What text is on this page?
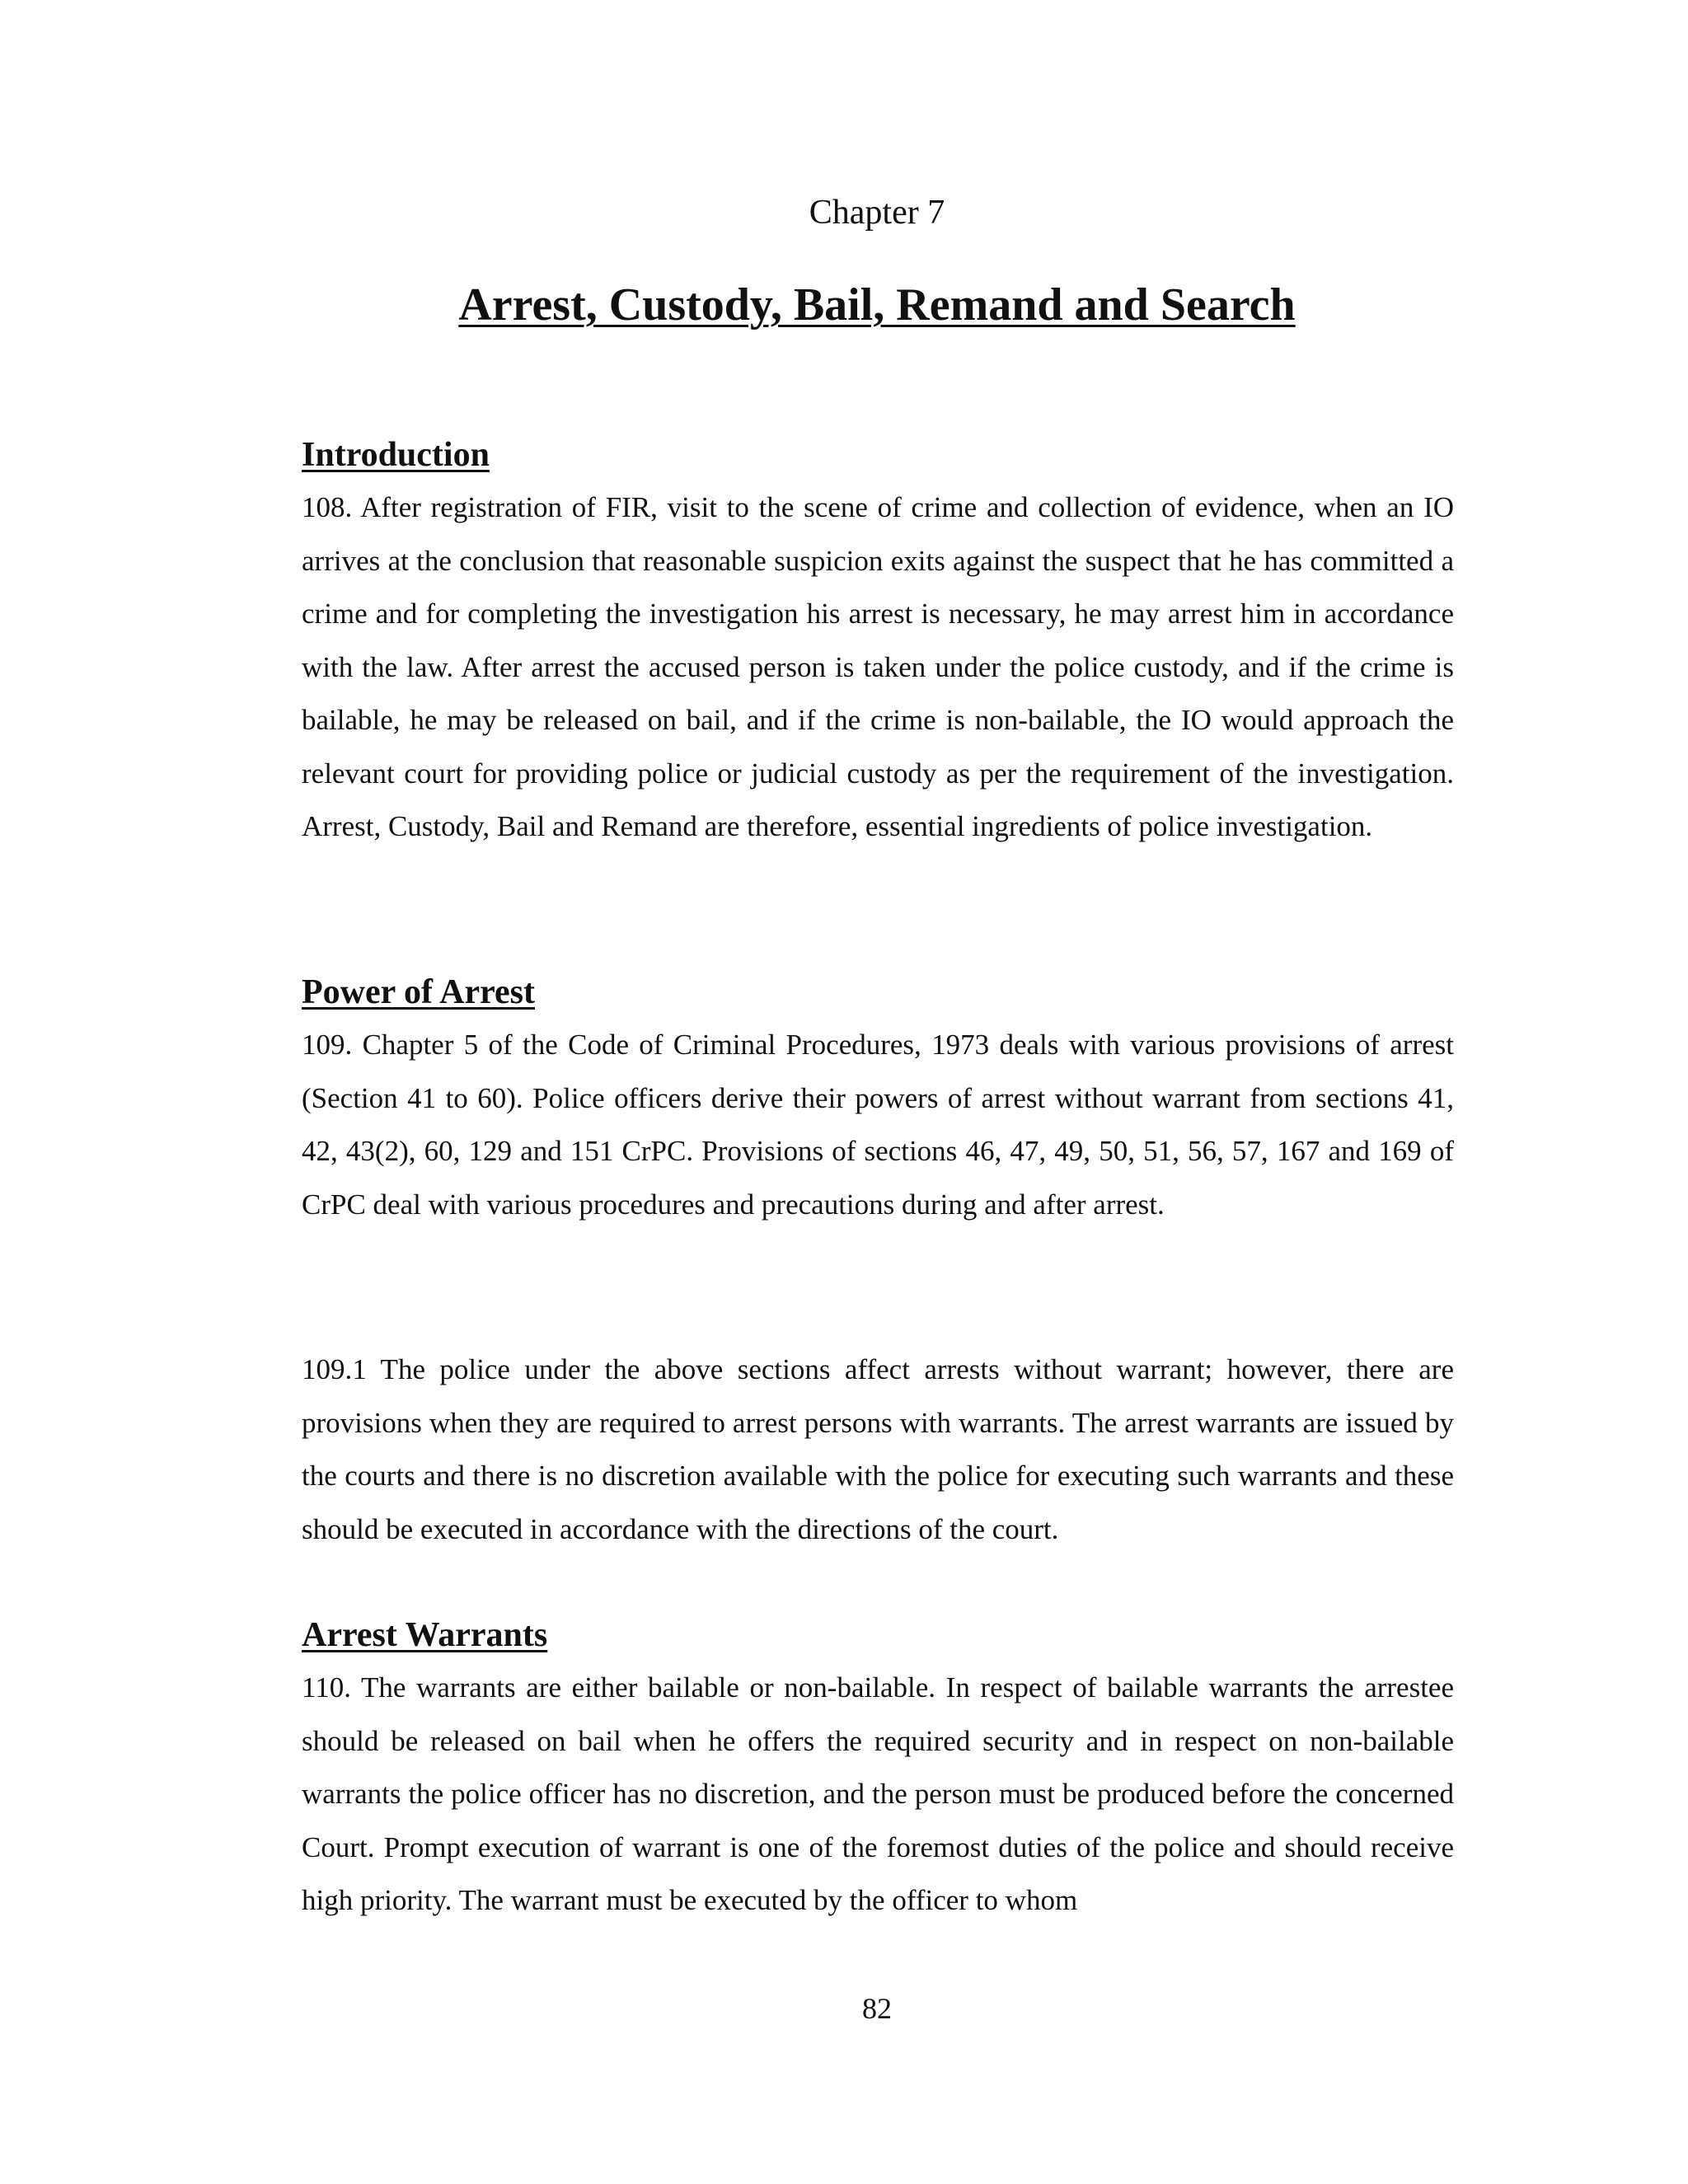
Chapter 7
Arrest, Custody, Bail, Remand and Search
Introduction

108. After registration of FIR, visit to the scene of crime and collection of evidence, when an IO arrives at the conclusion that reasonable suspicion exits against the suspect that he has committed a crime and for completing the investigation his arrest is necessary, he may arrest him in accordance with the law. After arrest the accused person is taken under the police custody, and if the crime is bailable, he may be released on bail, and if the crime is non-bailable, the IO would approach the relevant court for providing police or judicial custody as per the requirement of the investigation. Arrest, Custody, Bail and Remand are therefore, essential ingredients of police investigation.

Power of Arrest

109. Chapter 5 of the Code of Criminal Procedures, 1973 deals with various provisions of arrest (Section 41 to 60). Police officers derive their powers of arrest without warrant from sections 41, 42, 43(2), 60, 129 and 151 CrPC. Provisions of sections 46, 47, 49, 50, 51, 56, 57, 167 and 169 of CrPC deal with various procedures and precautions during and after arrest.

109.1 The police under the above sections affect arrests without warrant; however, there are provisions when they are required to arrest persons with warrants. The arrest warrants are issued by the courts and there is no discretion available with the police for executing such warrants and these should be executed in accordance with the directions of the court.

Arrest Warrants

110. The warrants are either bailable or non-bailable. In respect of bailable warrants the arrestee should be released on bail when he offers the required security and in respect on non-bailable warrants the police officer has no discretion, and the person must be produced before the concerned Court. Prompt execution of warrant is one of the foremost duties of the police and should receive high priority. The warrant must be executed by the officer to whom

82
